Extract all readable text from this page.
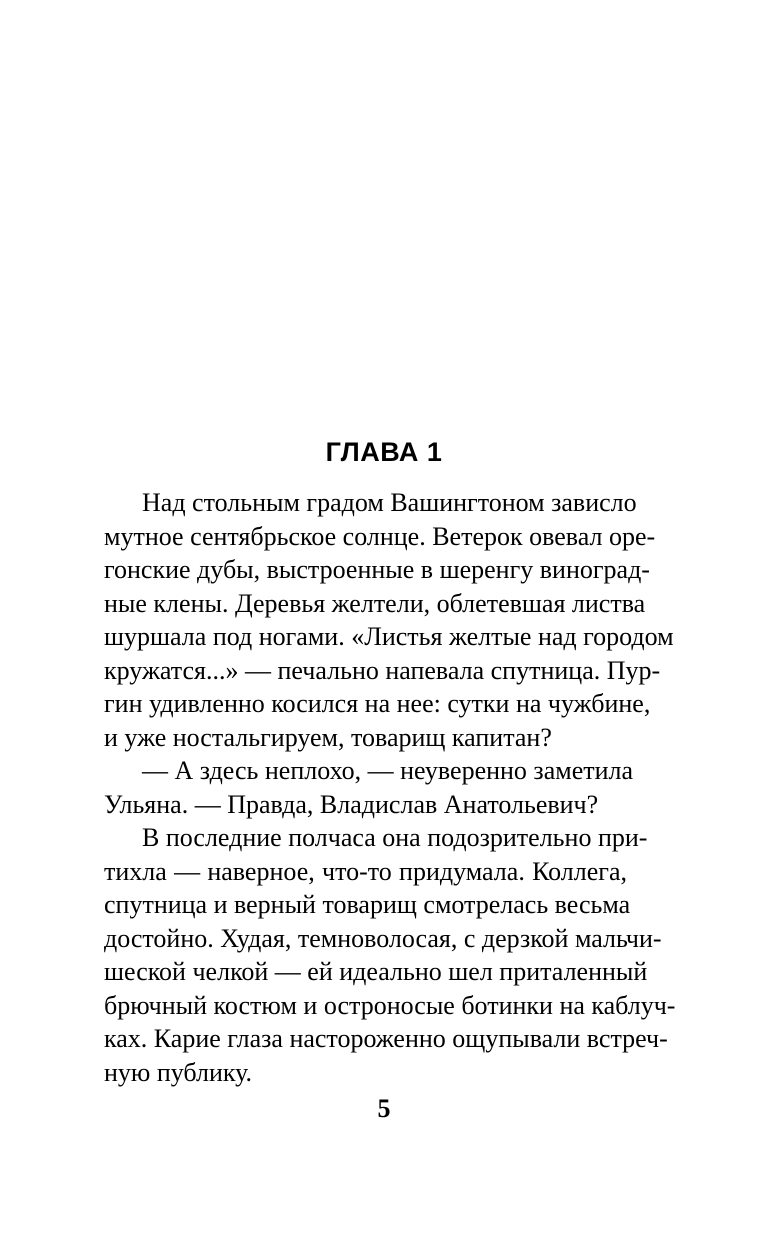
ГЛАВА 1
Над стольным градом Вашингтоном зависло
мутное сентябрьское солнце. Ветерок овевал оре-
гонские дубы, выстроенные в шеренгу виноград-
ные клены. Деревья желтели, облетевшая листва
шуршала под ногами. «Листья желтые над городом
кружатся...» — печально напевала спутница. Пур-
гин удивленно косился на нее: сутки на чужбине,
и уже ностальгируем, товарищ капитан?
— А здесь неплохо, — неуверенно заметила
Ульяна. — Правда, Владислав Анатольевич?
В последние полчаса она подозрительно при-
тихла — наверное, что-то придумала. Коллега,
спутница и верный товарищ смотрелась весьма
достойно. Худая, темноволосая, с дерзкой мальчи-
шеской челкой — ей идеально шел приталенный
брючный костюм и остроносые ботинки на каблуч-
ках. Карие глаза настороженно ощупывали встреч-
ную публику.
5
